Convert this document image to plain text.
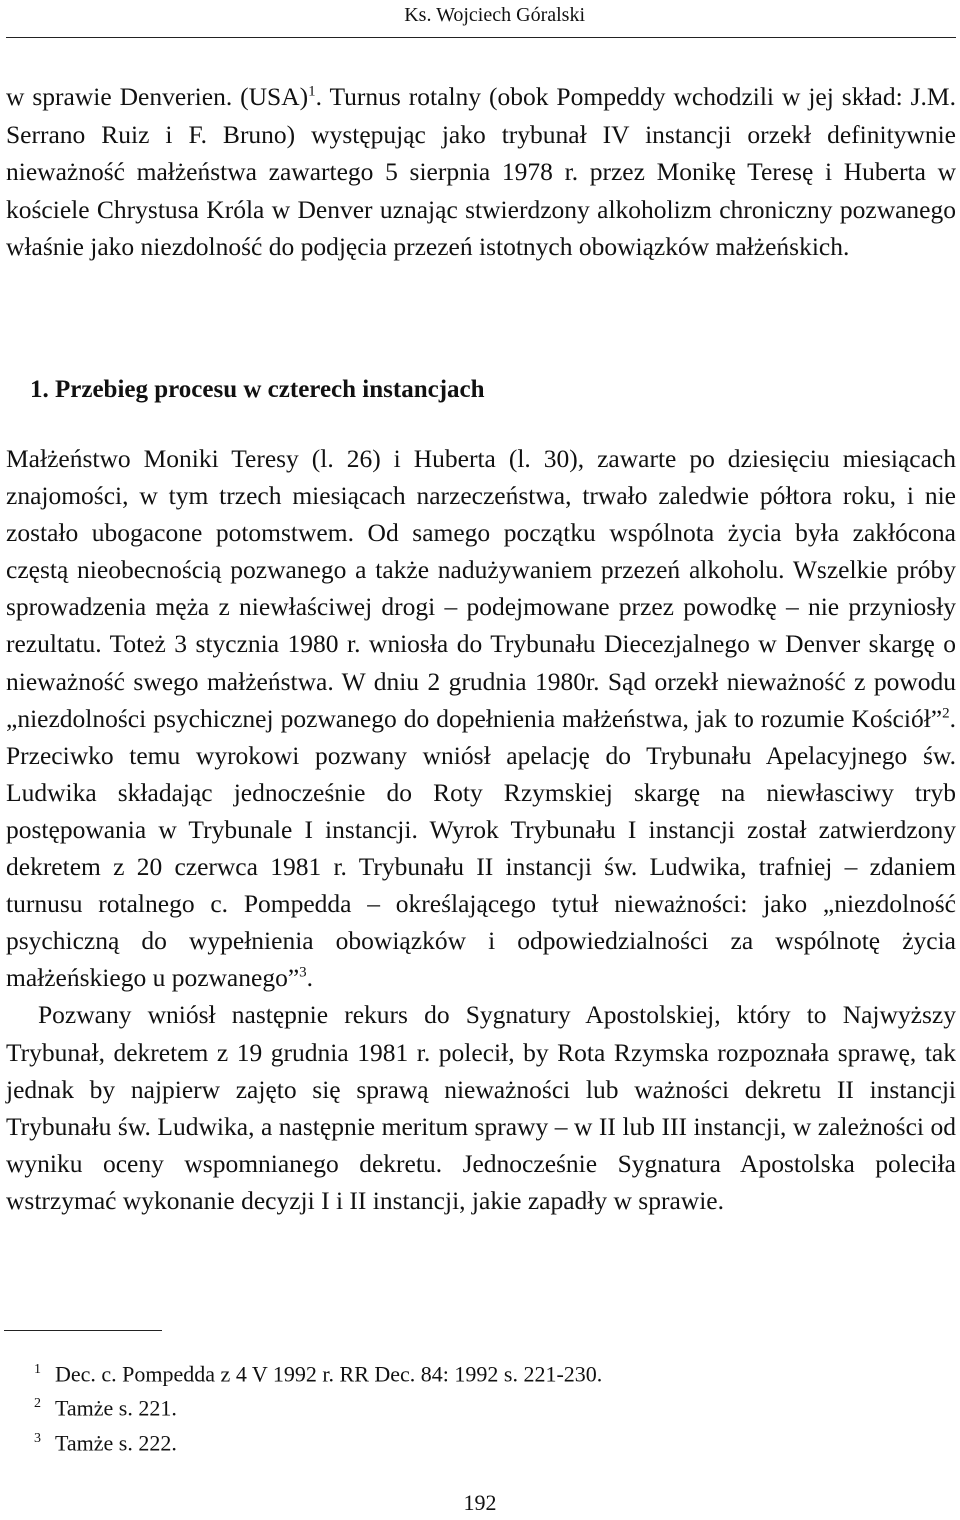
Ks. Wojciech Góralski

w sprawie Denverien. (USA)$^1$. Turnus rotalny (obok Pompeddy wchodzili w jej skład: J.M. Serrano Ruiz i F. Bruno) występując jako trybunał IV instancji orzekł definitywnie nieważność małżeństwa zawartego 5 sierpnia 1978 r. przez Monikę Teresę i Huberta w kościele Chrystusa Króla w Denver uznając stwierdzony alkoholizm chroniczny pozwanego właśnie jako niezdolność do podjęcia przezeń istotnych obowiązków małżeńskich.

1. Przebieg procesu w czterech instancjach

Małżeństwo Moniki Teresy (l. 26) i Huberta (l. 30), zawarte po dziesięciu miesiącach znajomości, w tym trzech miesiącach narzeczeństwa, trwało zaledwie półtora roku, i nie zostało ubogacone potomstwem. Od samego początku wspólnota życia była zakłócona częstą nieobecnością pozwanego a także nadużywaniem przezeń alkoholu. Wszelkie próby sprowadzenia męża z niewłaściwej drogi – podejmowane przez powodkę – nie przyniosły rezultatu. Toteż 3 stycznia 1980 r. wniosła do Trybunału Diecezjalnego w Denver skargę o nieważność swego małżeństwa. W dniu 2 grudnia 1980r. Sąd orzekł nieważność z powodu „niezdolności psychicznej pozwanego do dopełnienia małżeństwa, jak to rozumie Kościół”$^2$. Przeciwko temu wyrokowi pozwany wniósł apelację do Trybunału Apelacyjnego św. Ludwika składając jednocześnie do Roty Rzymskiej skargę na niewłasciwy tryb postępowania w Trybunale I instancji. Wyrok Trybunału I instancji został zatwierdzony dekretem z 20 czerwca 1981 r. Trybunału II instancji św. Ludwika, trafniej – zdaniem turnusu rotalnego c. Pompedda – określającego tytuł nieważności: jako „niezdolność psychiczną do wypełnienia obowiązków i odpowiedzialności za wspólnotę życia małżeńskiego u pozwanego”$^3$.

Pozwany wniósł następnie rekurs do Sygnatury Apostolskiej, który to Najwyższy Trybunał, dekretem z 19 grudnia 1981 r. polecił, by Rota Rzymska rozpoznała sprawę, tak jednak by najpierw zajęto się sprawą nieważności lub ważności dekretu II instancji Trybunału św. Ludwika, a następnie meritum sprawy – w II lub III instancji, w zależności od wyniku oceny wspomnianego dekretu. Jednocześnie Sygnatura Apostolska poleciła wstrzymać wykonanie decyzji I i II instancji, jakie zapadły w sprawie.

$^1$ Dec. c. Pompedda z 4 V 1992 r. RR Dec. 84: 1992 s. 221-230.
$^2$ Tamże s. 221.
$^3$ Tamże s. 222.
192
